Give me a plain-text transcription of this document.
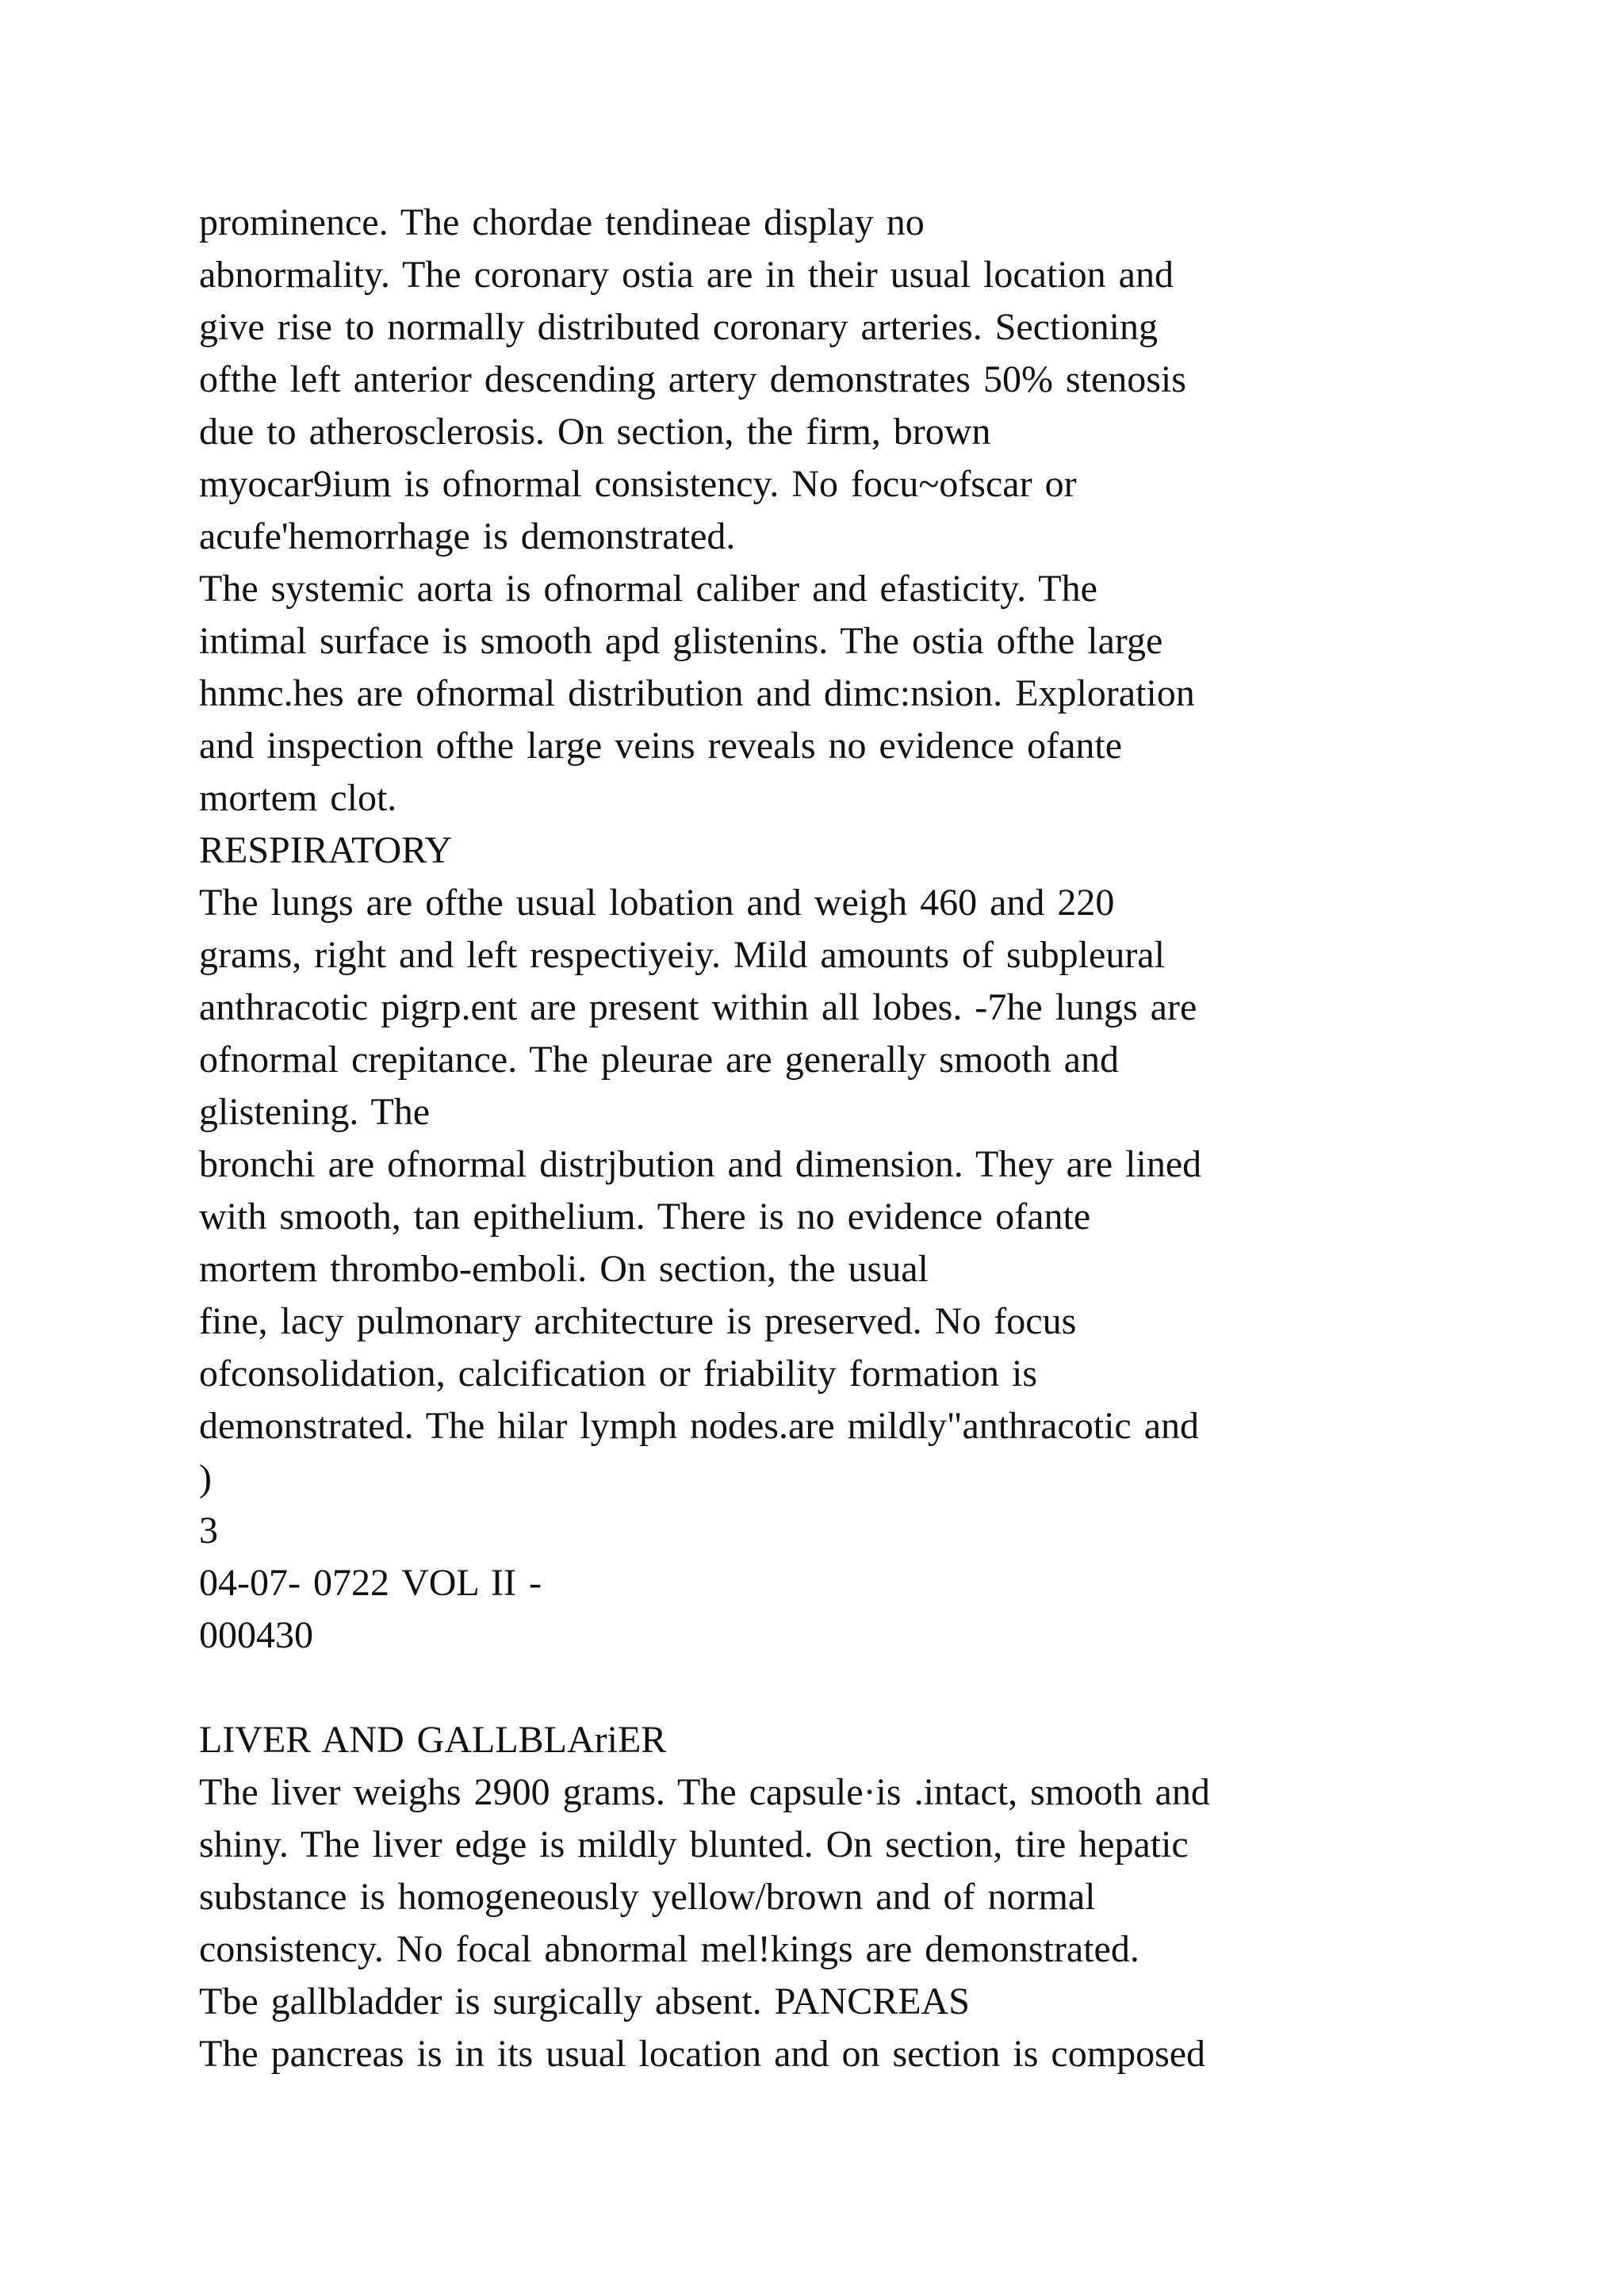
prominence. The chordae tendineae display no
abnormality. The coronary ostia are in their usual location and
give rise to normally distributed coronary arteries. Sectioning
ofthe left anterior descending artery demonstrates 50% stenosis
due to atherosclerosis. On section, the firm, brown
myocar9ium is ofnormal consistency. No focu~ofscar or
acufe'hemorrhage is demonstrated.
The systemic aorta is ofnormal caliber and efasticity. The
intimal surface is smooth apd glistenins. The ostia ofthe large
hnmc.hes are ofnormal distribution and dimc:nsion. Exploration
and inspection ofthe large veins reveals no evidence ofante
mortem clot.
RESPIRATORY
The lungs are ofthe usual lobation and weigh 460 and 220
grams, right and left respectiyeiy. Mild amounts of subpleural
anthracotic pigrp.ent are present within all lobes. -7he lungs are
ofnormal crepitance. The pleurae are generally smooth and
glistening. The
bronchi are ofnormal distrjbution and dimension. They are lined
with smooth, tan epithelium. There is no evidence ofante
mortem thrombo-emboli. On section, the usual
fine, lacy pulmonary architecture is preserved. No focus
ofconsolidation, calcification or friability formation is
demonstrated. The hilar lymph nodes.are mildly"anthracotic and
)
3
04-07- 0722 VOL II -
000430
LIVER AND GALLBLAriER
The liver weighs 2900 grams. The capsule·is .intact, smooth and
shiny. The liver edge is mildly blunted. On section, tire hepatic
substance is homogeneously yellow/brown and of normal
consistency. No focal abnormal mel!kings are demonstrated.
Tbe gallbladder is surgically absent. PANCREAS
The pancreas is in its usual location and on section is composed
